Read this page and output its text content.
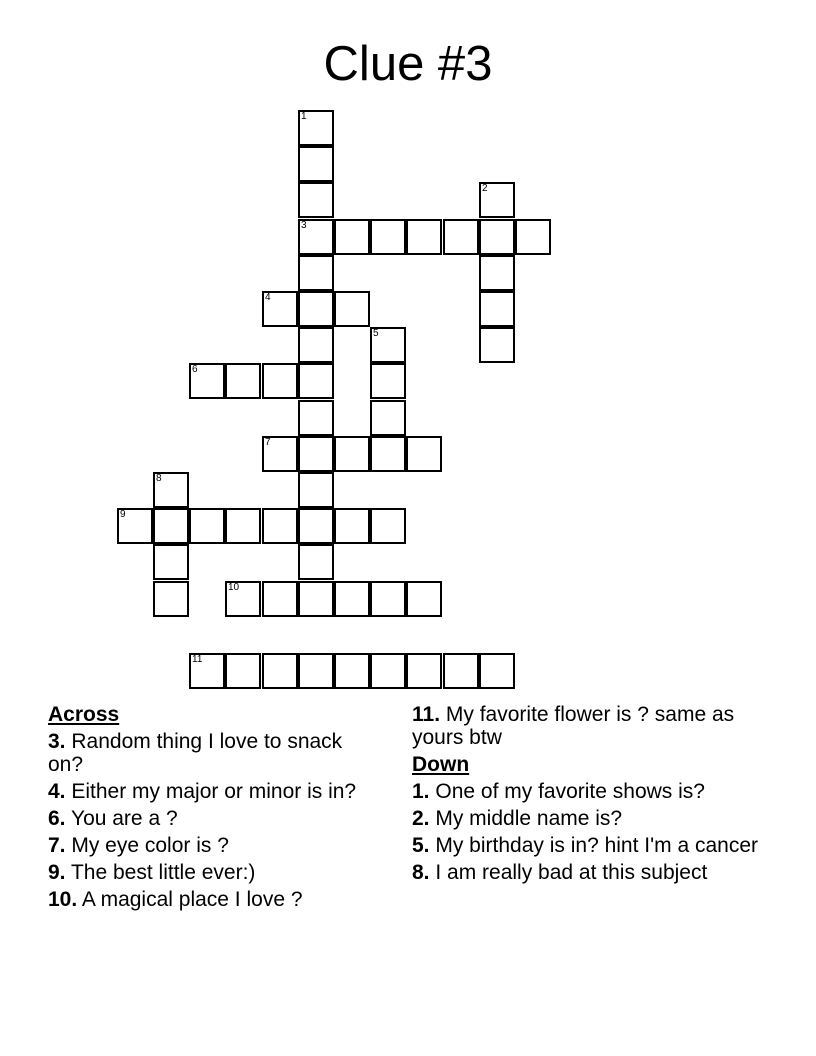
Clue #3
3
4
6
7
9
10
11
1
2
5
8
Across
3. Random thing I love to snack on?
4. Either my major or minor is in?
6. You are a ?
7. My eye color is ?
9. The best little ever:)
10. A magical place I love ?
11. My favorite flower is ? same as yours btw
Down
1. One of my favorite shows is?
2. My middle name is?
5. My birthday is in? hint I'm a cancer
8. I am really bad at this subject
